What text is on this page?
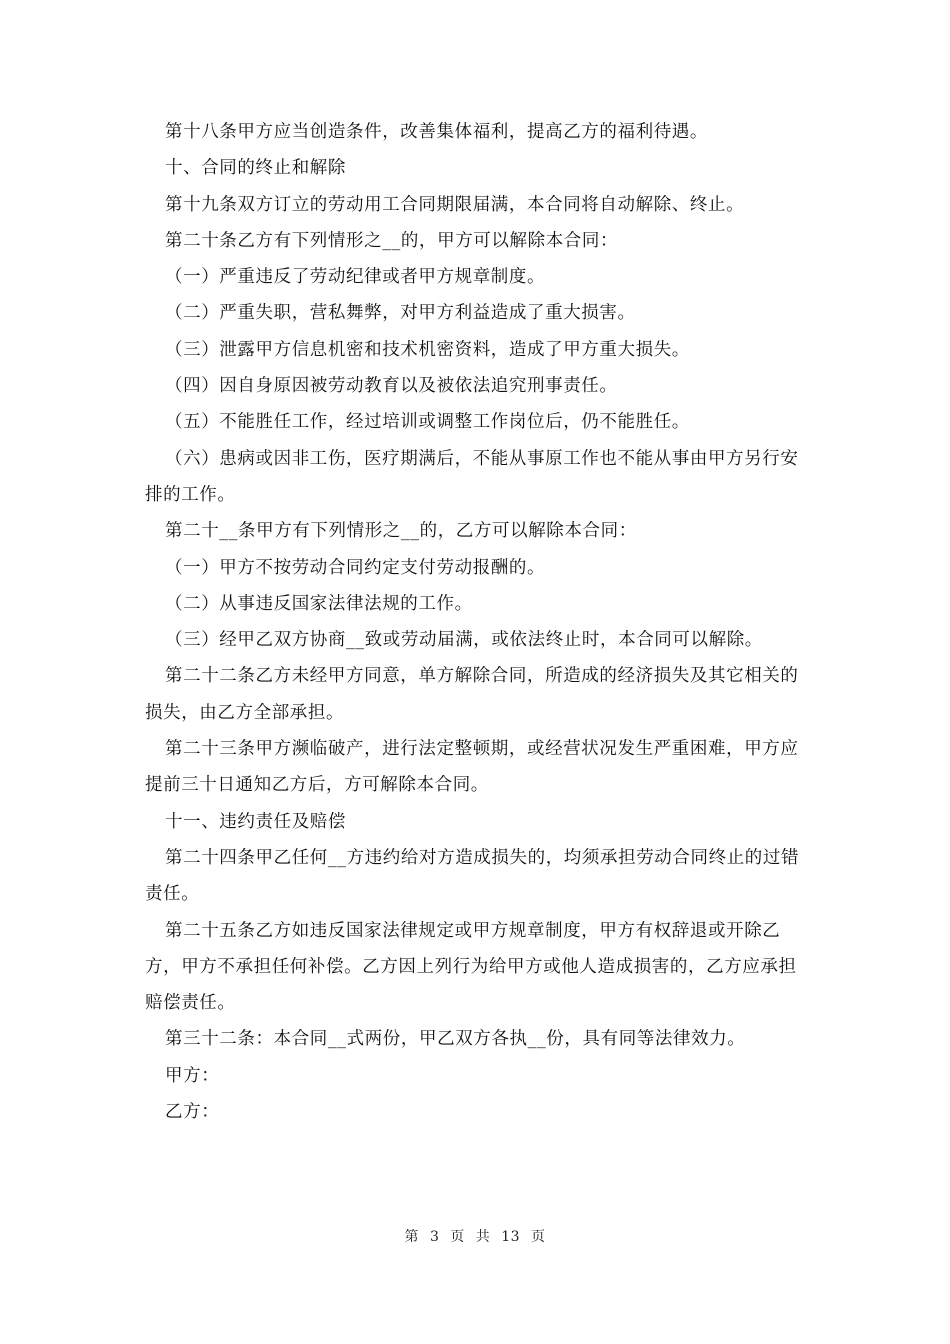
第十八条甲方应当创造条件，改善集体福利，提高乙方的福利待遇。

十、合同的终止和解除

第十九条双方订立的劳动用工合同期限届满，本合同将自动解除、终止。

第二十条乙方有下列情形之__的，甲方可以解除本合同：

（一）严重违反了劳动纪律或者甲方规章制度。

（二）严重失职，营私舞弊，对甲方利益造成了重大损害。

（三）泄露甲方信息机密和技术机密资料，造成了甲方重大损失。

（四）因自身原因被劳动教育以及被依法追究刑事责任。

（五）不能胜任工作，经过培训或调整工作岗位后，仍不能胜任。

（六）患病或因非工伤，医疗期满后，不能从事原工作也不能从事由甲方另行安排的工作。

第二十__条甲方有下列情形之__的，乙方可以解除本合同：

（一）甲方不按劳动合同约定支付劳动报酬的。

（二）从事违反国家法律法规的工作。

（三）经甲乙双方协商__致或劳动届满，或依法终止时，本合同可以解除。

第二十二条乙方未经甲方同意，单方解除合同，所造成的经济损失及其它相关的损失，由乙方全部承担。

第二十三条甲方濒临破产，进行法定整顿期，或经营状况发生严重困难，甲方应提前三十日通知乙方后，方可解除本合同。

十一、违约责任及赔偿

第二十四条甲乙任何__方违约给对方造成损失的，均须承担劳动合同终止的过错责任。

第二十五条乙方如违反国家法律规定或甲方规章制度，甲方有权辞退或开除乙方，甲方不承担任何补偿。乙方因上列行为给甲方或他人造成损害的，乙方应承担赔偿责任。

第三十二条：本合同__式两份，甲乙双方各执__份，具有同等法律效力。

甲方：

乙方：

第 3 页 共 13 页
